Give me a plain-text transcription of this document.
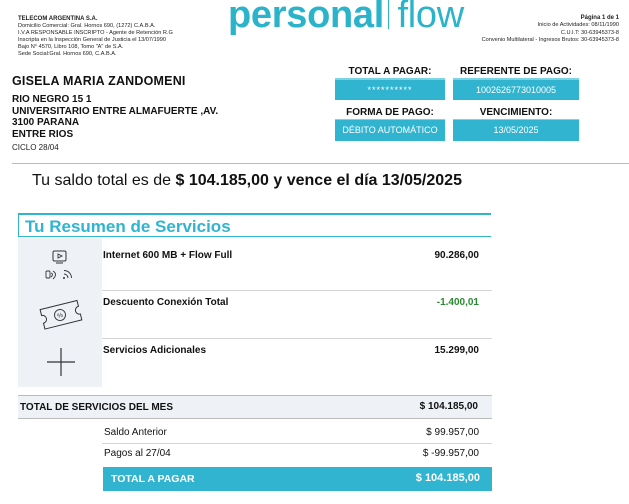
TELECOM ARGENTINA S.A.
Domicilio Comercial: Gral. Hornos 690, (1272) C.A.B.A.
I.V.A RESPONSABLE INSCRIPTO - Agente de Retención R.G
Inscripta en la Inspección General de Justicia el 13/07/1990
Bajo N° 4570, Libro 108, Tomo "A" de S.A.
Sede Social:Gral. Hornos 690, C.A.B.A.
personal flow	Página 1 de 1
Inicio de Actividades: 08/11/1990
C.U.I.T: 30-63945373-8
Convenio Multilateral - Ingresos Brutos: 30-63945373-8
GISELA MARIA ZANDOMENI
RIO NEGRO 15 1
UNIVERSITARIO ENTRE ALMAFUERTE ,AV.
3100 PARANA
ENTRE RIOS
CICLO 28/04
TOTAL A PAGAR:
**********
REFERENTE DE PAGO:
1002626773010005
FORMA DE PAGO:
DÉBITO AUTOMÁTICO
VENCIMIENTO:
13/05/2025
Tu saldo total es de $ 104.185,00 y vence el día 13/05/2025
Tu Resumen de Servicios
Internet 600 MB + Flow Full	90.286,00
%
Descuento Conexión Total	-1.400,01
Servicios Adicionales	15.299,00
TOTAL DE SERVICIOS DEL MES	$ 104.185,00
Saldo Anterior	$ 99.957,00
Pagos al 27/04	$ -99.957,00
TOTAL A PAGAR	$ 104.185,00
